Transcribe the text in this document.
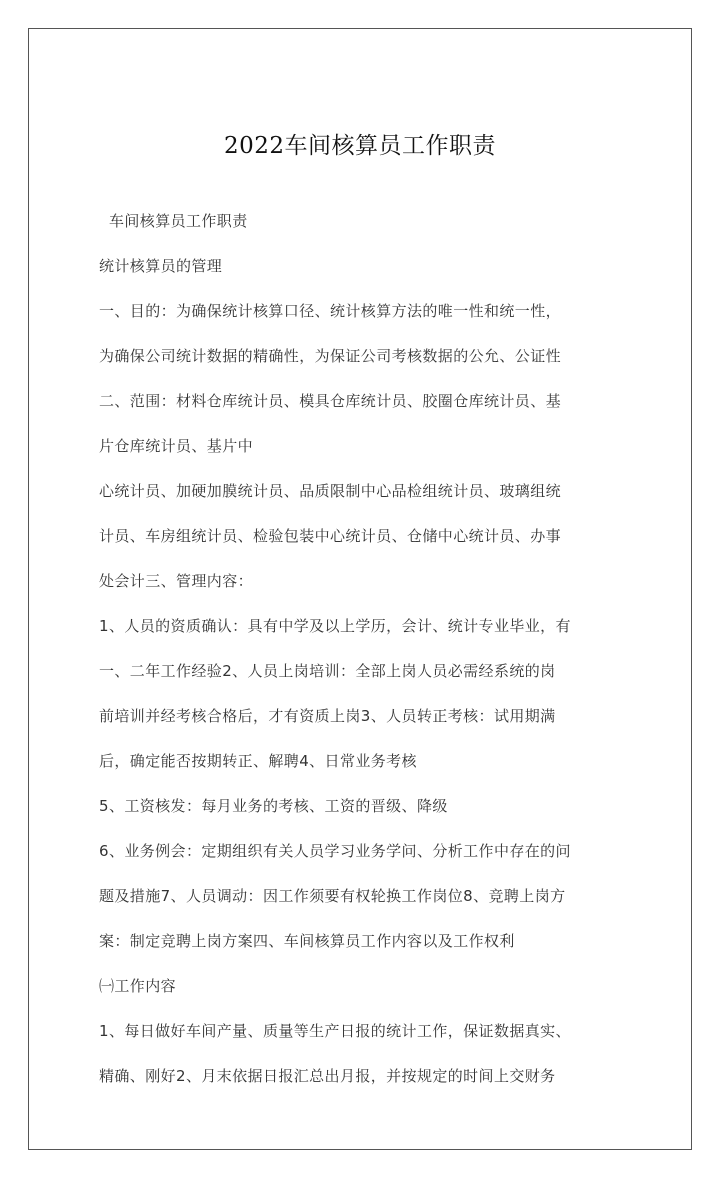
2022车间核算员工作职责
车间核算员工作职责
统计核算员的管理
一、目的：为确保统计核算口径、统计核算方法的唯一性和统一性，
为确保公司统计数据的精确性，为保证公司考核数据的公允、公证性
二、范围：材料仓库统计员、模具仓库统计员、胶圈仓库统计员、基
片仓库统计员、基片中
心统计员、加硬加膜统计员、品质限制中心品检组统计员、玻璃组统
计员、车房组统计员、检验包装中心统计员、仓储中心统计员、办事
处会计三、管理内容：
1、人员的资质确认：具有中学及以上学历，会计、统计专业毕业，有
一、二年工作经验2、人员上岗培训：全部上岗人员必需经系统的岗
前培训并经考核合格后，才有资质上岗3、人员转正考核：试用期满
后，确定能否按期转正、解聘4、日常业务考核
5、工资核发：每月业务的考核、工资的晋级、降级
6、业务例会：定期组织有关人员学习业务学问、分析工作中存在的问
题及措施7、人员调动：因工作须要有权轮换工作岗位8、竞聘上岗方
案：制定竞聘上岗方案四、车间核算员工作内容以及工作权利
㈠工作内容
1、每日做好车间产量、质量等生产日报的统计工作，保证数据真实、
精确、刚好2、月末依据日报汇总出月报，并按规定的时间上交财务
